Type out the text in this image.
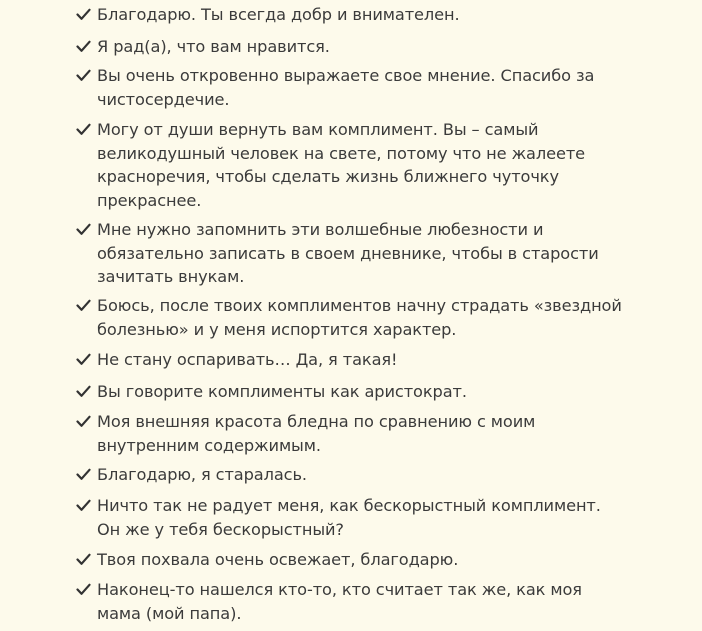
Благодарю. Ты всегда добр и внимателен.
Я рад(а), что вам нравится.
Вы очень откровенно выражаете свое мнение. Спасибо за чистосердечие.
Могу от души вернуть вам комплимент. Вы – самый великодушный человек на свете, потому что не жалеете красноречия, чтобы сделать жизнь ближнего чуточку прекраснее.
Мне нужно запомнить эти волшебные любезности и обязательно записать в своем дневнике, чтобы в старости зачитать внукам.
Боюсь, после твоих комплиментов начну страдать «звездной болезнью» и у меня испортится характер.
Не стану оспаривать… Да, я такая!
Вы говорите комплименты как аристократ.
Моя внешняя красота бледна по сравнению с моим внутренним содержимым.
Благодарю, я старалась.
Ничто так не радует меня, как бескорыстный комплимент. Он же у тебя бескорыстный?
Твоя похвала очень освежает, благодарю.
Наконец-то нашелся кто-то, кто считает так же, как моя мама (мой папа).
